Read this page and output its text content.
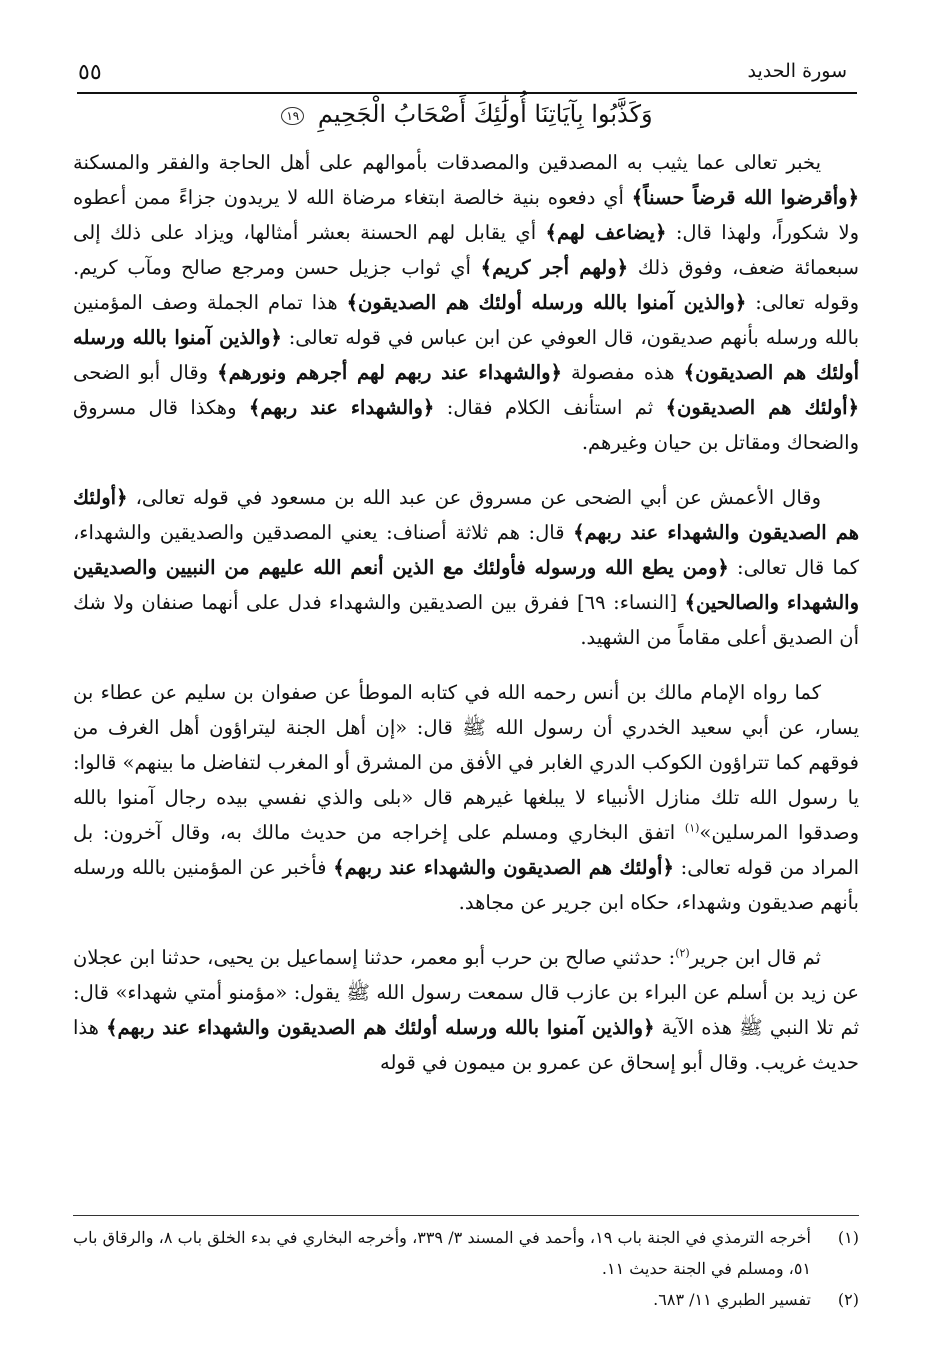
سورة الحديد
٥٥
وَكَذَّبُوا بِآيَاتِنَا أُولَٰئِكَ أَصْحَابُ الْجَحِيمِ ١٩

يخبر تعالى عما يثيب به المصدقين والمصدقات بأموالهم على أهل الحاجة والفقر والمسكنة ﴿وأقرضوا الله قرضاً حسناً﴾ أي دفعوه بنية خالصة ابتغاء مرضاة الله لا يريدون جزاءً ممن أعطوه ولا شكوراً، ولهذا قال: ﴿يضاعف لهم﴾ أي يقابل لهم الحسنة بعشر أمثالها، ويزاد على ذلك إلى سبعمائة ضعف، وفوق ذلك ﴿ولهم أجر كريم﴾ أي ثواب جزيل حسن ومرجع صالح ومآب كريم. وقوله تعالى: ﴿والذين آمنوا بالله ورسله أولئك هم الصديقون﴾ هذا تمام الجملة وصف المؤمنين بالله ورسله بأنهم صديقون، قال العوفي عن ابن عباس في قوله تعالى: ﴿والذين آمنوا بالله ورسله أولئك هم الصديقون﴾ هذه مفصولة ﴿والشهداء عند ربهم لهم أجرهم ونورهم﴾ وقال أبو الضحى ﴿أولئك هم الصديقون﴾ ثم استأنف الكلام فقال: ﴿والشهداء عند ربهم﴾ وهكذا قال مسروق والضحاك ومقاتل بن حيان وغيرهم.

وقال الأعمش عن أبي الضحى عن مسروق عن عبد الله بن مسعود في قوله تعالى، ﴿أولئك هم الصديقون والشهداء عند ربهم﴾ قال: هم ثلاثة أصناف: يعني المصدقين والصديقين والشهداء، كما قال تعالى: ﴿ومن يطع الله ورسوله فأولئك مع الذين أنعم الله عليهم من النبيين والصديقين والشهداء والصالحين﴾ [النساء: ٦٩] ففرق بين الصديقين والشهداء فدل على أنهما صنفان ولا شك أن الصديق أعلى مقاماً من الشهيد.

كما رواه الإمام مالك بن أنس رحمه الله في كتابه الموطأ عن صفوان بن سليم عن عطاء بن يسار، عن أبي سعيد الخدري أن رسول الله ﷺ قال: «إن أهل الجنة ليتراؤون أهل الغرف من فوقهم كما تتراؤون الكوكب الدري الغابر في الأفق من المشرق أو المغرب لتفاضل ما بينهم» قالوا: يا رسول الله تلك منازل الأنبياء لا يبلغها غيرهم قال «بلى والذي نفسي بيده رجال آمنوا بالله وصدقوا المرسلين»$^{(١)}$ اتفق البخاري ومسلم على إخراجه من حديث مالك به، وقال آخرون: بل المراد من قوله تعالى: ﴿أولئك هم الصديقون والشهداء عند ربهم﴾ فأخبر عن المؤمنين بالله ورسله بأنهم صديقون وشهداء، حكاه ابن جرير عن مجاهد.

ثم قال ابن جرير$^{(٢)}$: حدثني صالح بن حرب أبو معمر، حدثنا إسماعيل بن يحيى، حدثنا ابن عجلان عن زيد بن أسلم عن البراء بن عازب قال سمعت رسول الله ﷺ يقول: «مؤمنو أمتي شهداء» قال: ثم تلا النبي ﷺ هذه الآية ﴿والذين آمنوا بالله ورسله أولئك هم الصديقون والشهداء عند ربهم﴾ هذا حديث غريب. وقال أبو إسحاق عن عمرو بن ميمون في قوله

(١)
أخرجه الترمذي في الجنة باب ١٩، وأحمد في المسند ٣/ ٣٣٩، وأخرجه البخاري في بدء الخلق باب ٨، والرقاق باب ٥١، ومسلم في الجنة حديث ١١.
(٢)
تفسير الطبري ١١/ ٦٨٣.
